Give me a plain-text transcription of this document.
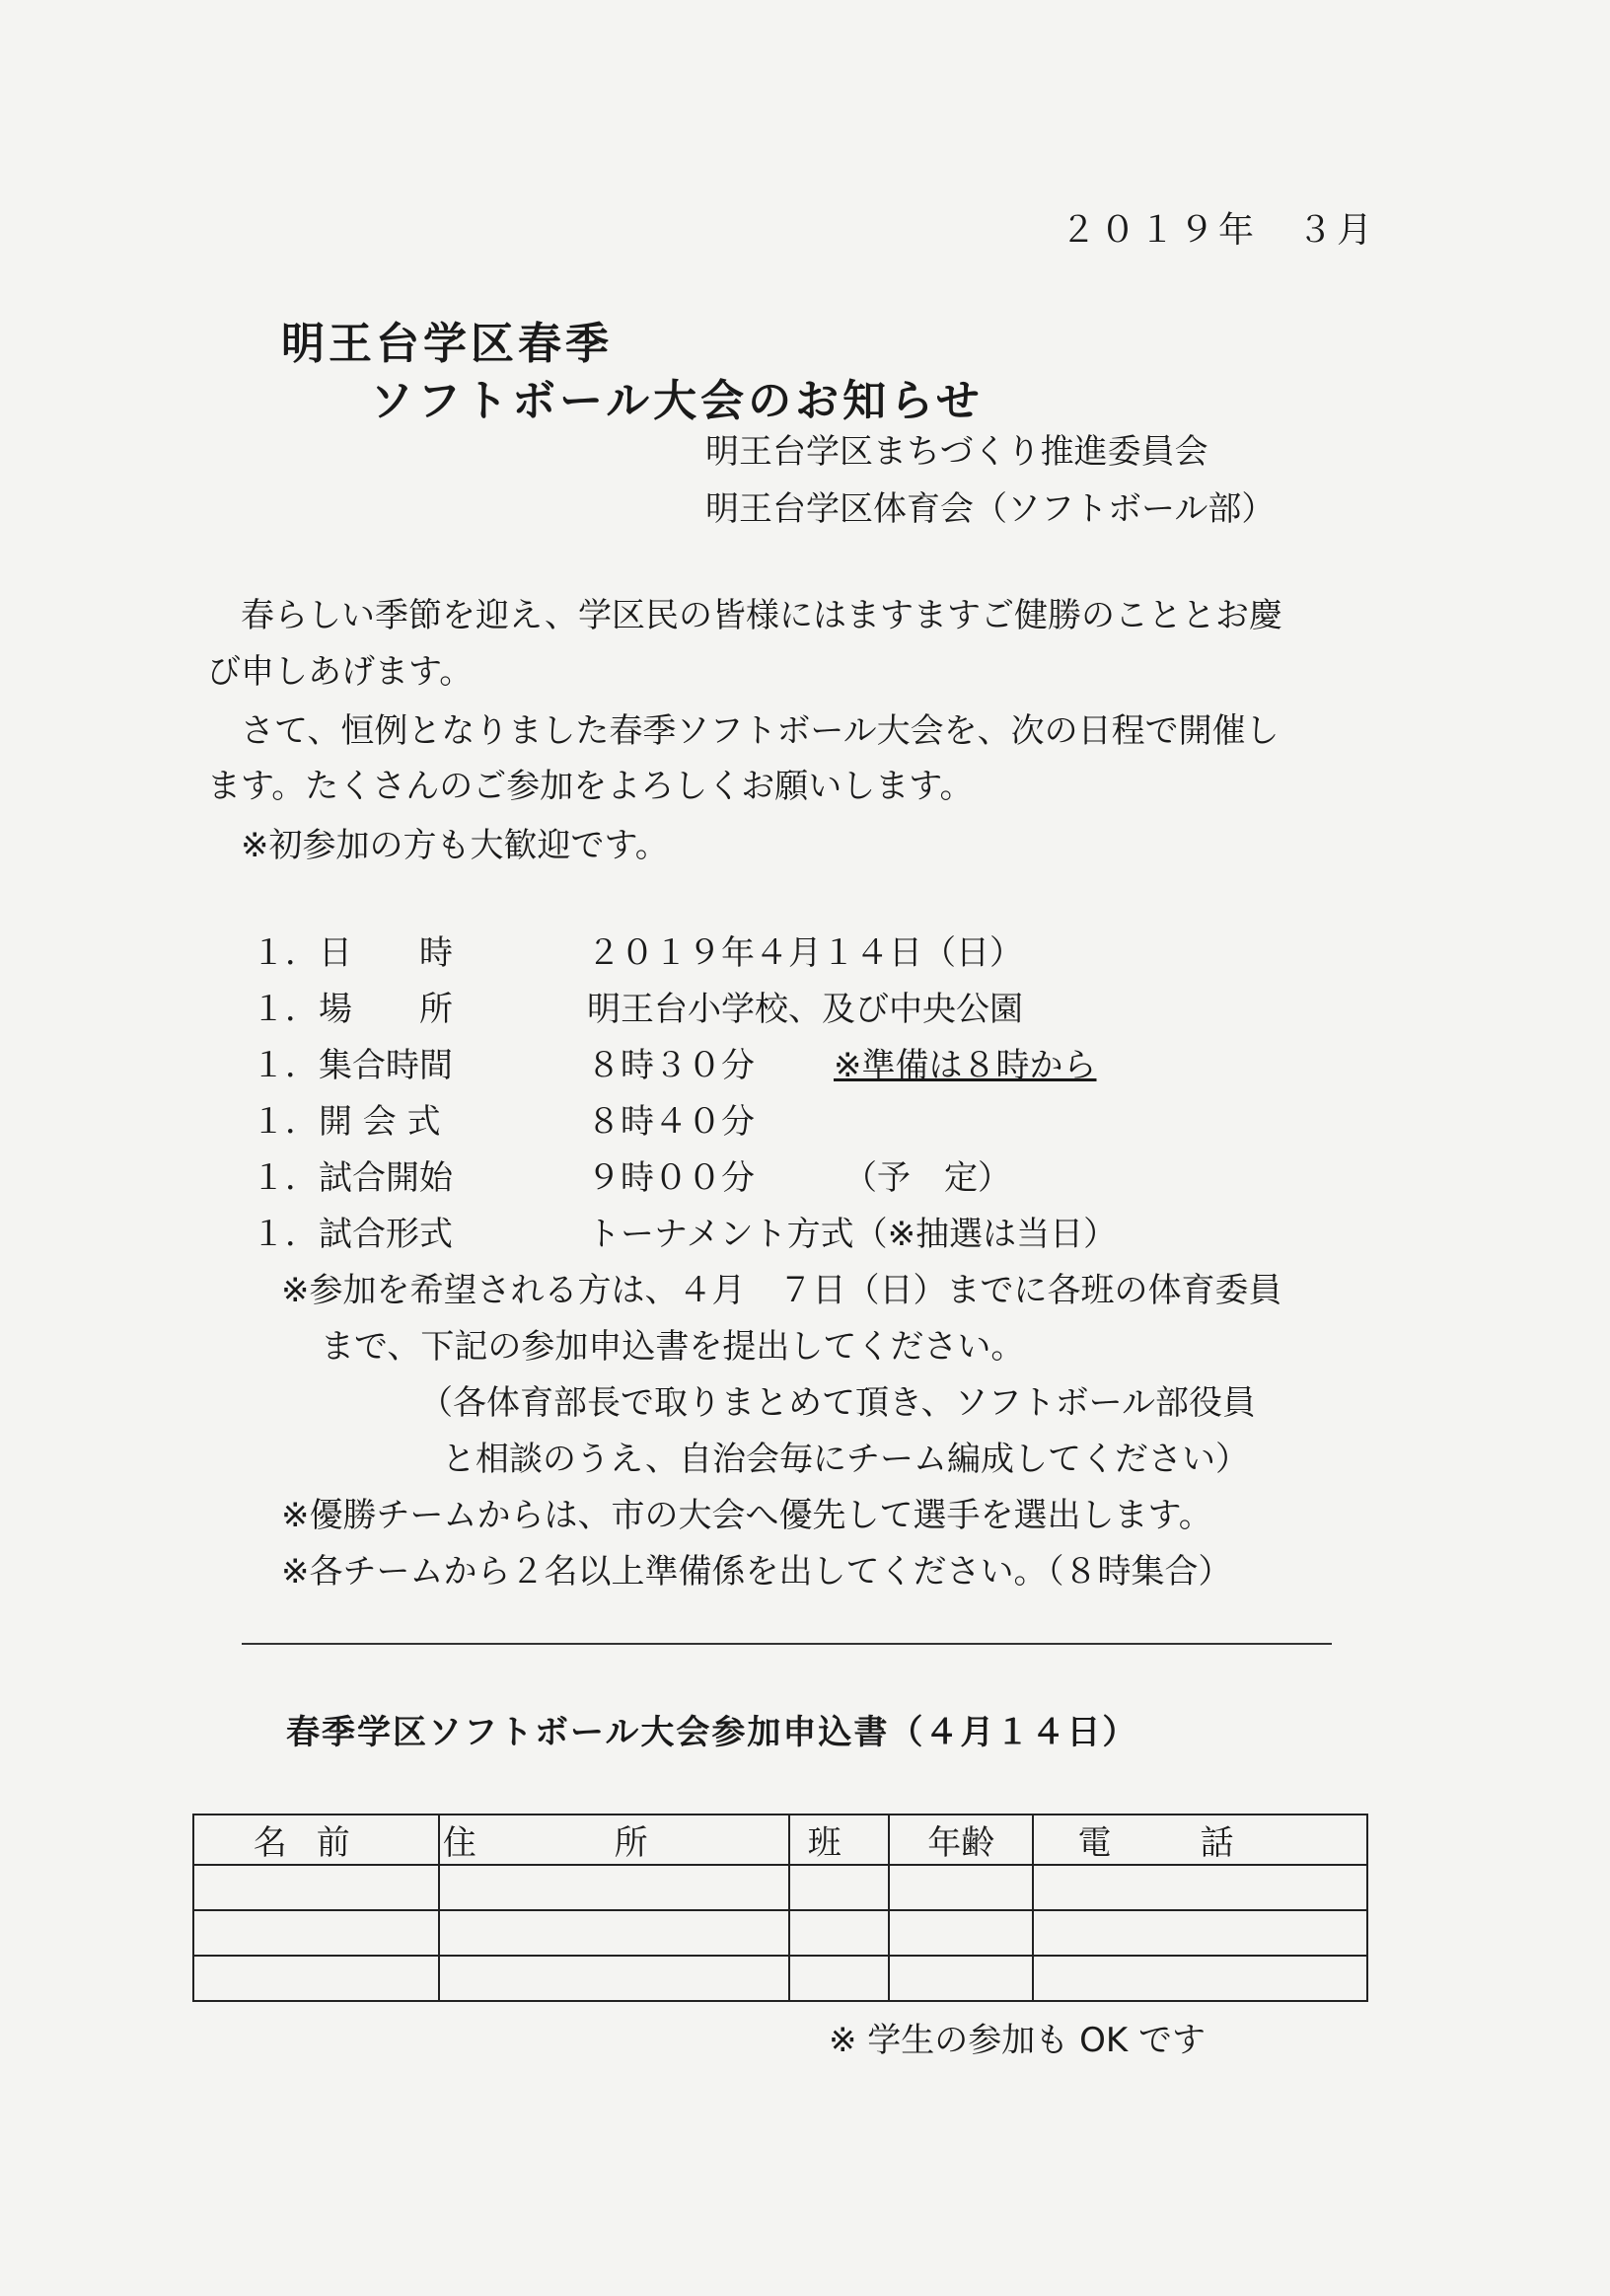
２０１９年　３月
明王台学区春季
ソフトボール大会のお知らせ
明王台学区まちづくり推進委員会
明王台学区体育会（ソフトボール部）
　春らしい季節を迎え、学区民の皆様にはますますご健勝のこととお慶
び申しあげます。
　さて、恒例となりました春季ソフトボール大会を、次の日程で開催し
ます。たくさんのご参加をよろしくお願いします。
　※初参加の方も大歓迎です。
１．日　　時	２０１９年４月１４日（日）
１．場　　所	明王台小学校、及び中央公園
１．集合時間	８時３０分 ※準備は８時から
１．開 会 式	８時４０分
１．試合開始	９時００分	（予　定）
１．試合形式	トーナメント方式（※抽選は当日）
※参加を希望される方は、４月　７日（日）までに各班の体育委員
まで、下記の参加申込書を提出してください。
（各体育部長で取りまとめて頂き、ソフトボール部役員
と相談のうえ、自治会毎にチーム編成してください）
※優勝チームからは、市の大会へ優先して選手を選出します。
※各チームから２名以上準備係を出してください。（８時集合）
春季学区ソフトボール大会参加申込書（４月１４日）
名前	住所	班	年齢	電話

※ 学生の参加も OK です
